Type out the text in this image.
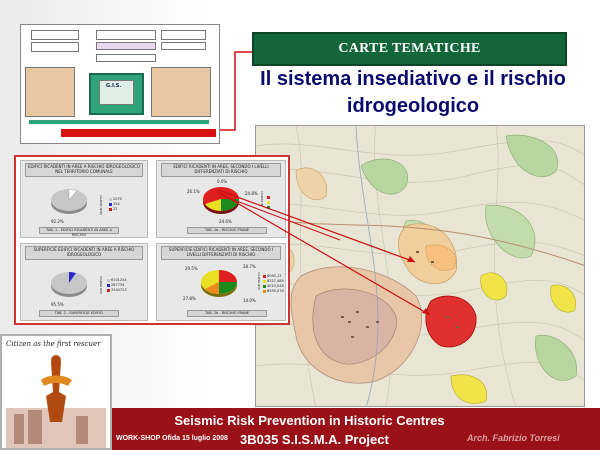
G.I.S.
CARTE TEMATICHE
Il sistema insediativo e il rischio
idrogeologico
EDIFICI RICADENTI IN AREE A RISCHIO IDROGEOLOGICO NEL TERRITORIO COMUNALE
92.2%
2070
154
22
NUM. EDIFICI
TAB. 1 - EDIFICI RICADENTI IN AREE A RISCHIO
EDIFICI RICADENTI IN AREE, SECONDO I LIVELLI DIFFERENZIATI DI RISCHIO
26.1%
0.0%
24.8%
24.6%
N. EDIFICI
TAB. 1b - RISCHIO FRANE
SUPERFICIE EDIFICI RICADENTI IN AREE A RISCHIO IDROGEOLOGICO
95.5%
6101254
287734
3340723
SUP. EDIFICI
TAB. 2 - SUPERFICIE EDIFICI
SUPERFICIE EDIFICI RICADENTI IN AREE, SECONDO I LIVELLI DIFFERENZIATI DI RISCHIO
29.5%	28.7%
27.8%	14.0%
SUP. EDIFICI	6090,13
8527,489
4010,048
6595,078
TAB. 2b - RISCHIO FRANE
Citizen as the first rescuer
Seismic Risk Prevention in Historic Centres
WORK-SHOP Ofida 15 luglio 2008 3B035 S.I.S.M.A. Project	Arch. Fabrizio Torresi
